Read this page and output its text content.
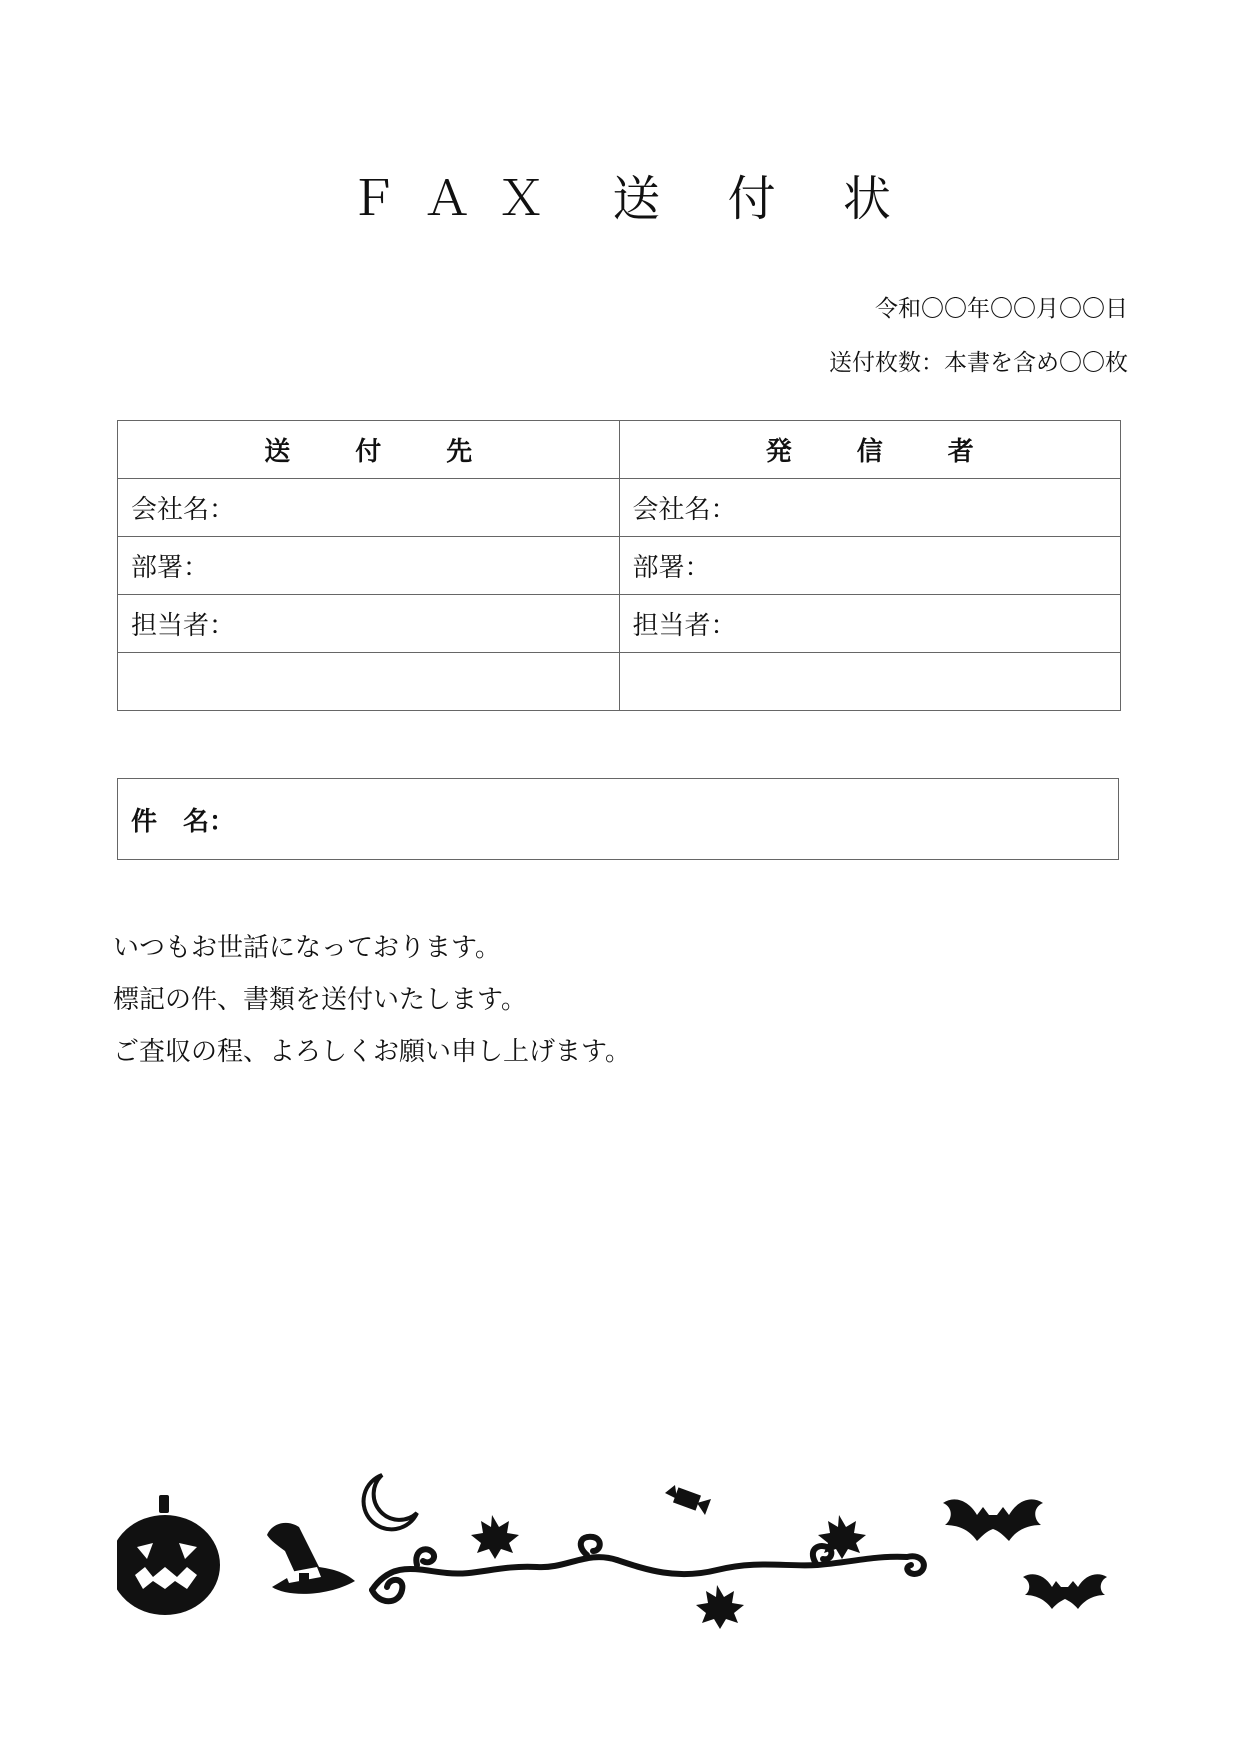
ＦＡＸ 送 付 状
令和〇〇年〇〇月〇〇日
送付枚数：本書を含め〇〇枚
送 付 先	発 信 者
会社名：	会社名：
部署：	部署：
担当者：	担当者：

件　名：
いつもお世話になっております。
標記の件、書類を送付いたします。
ご査収の程、よろしくお願い申し上げます。
